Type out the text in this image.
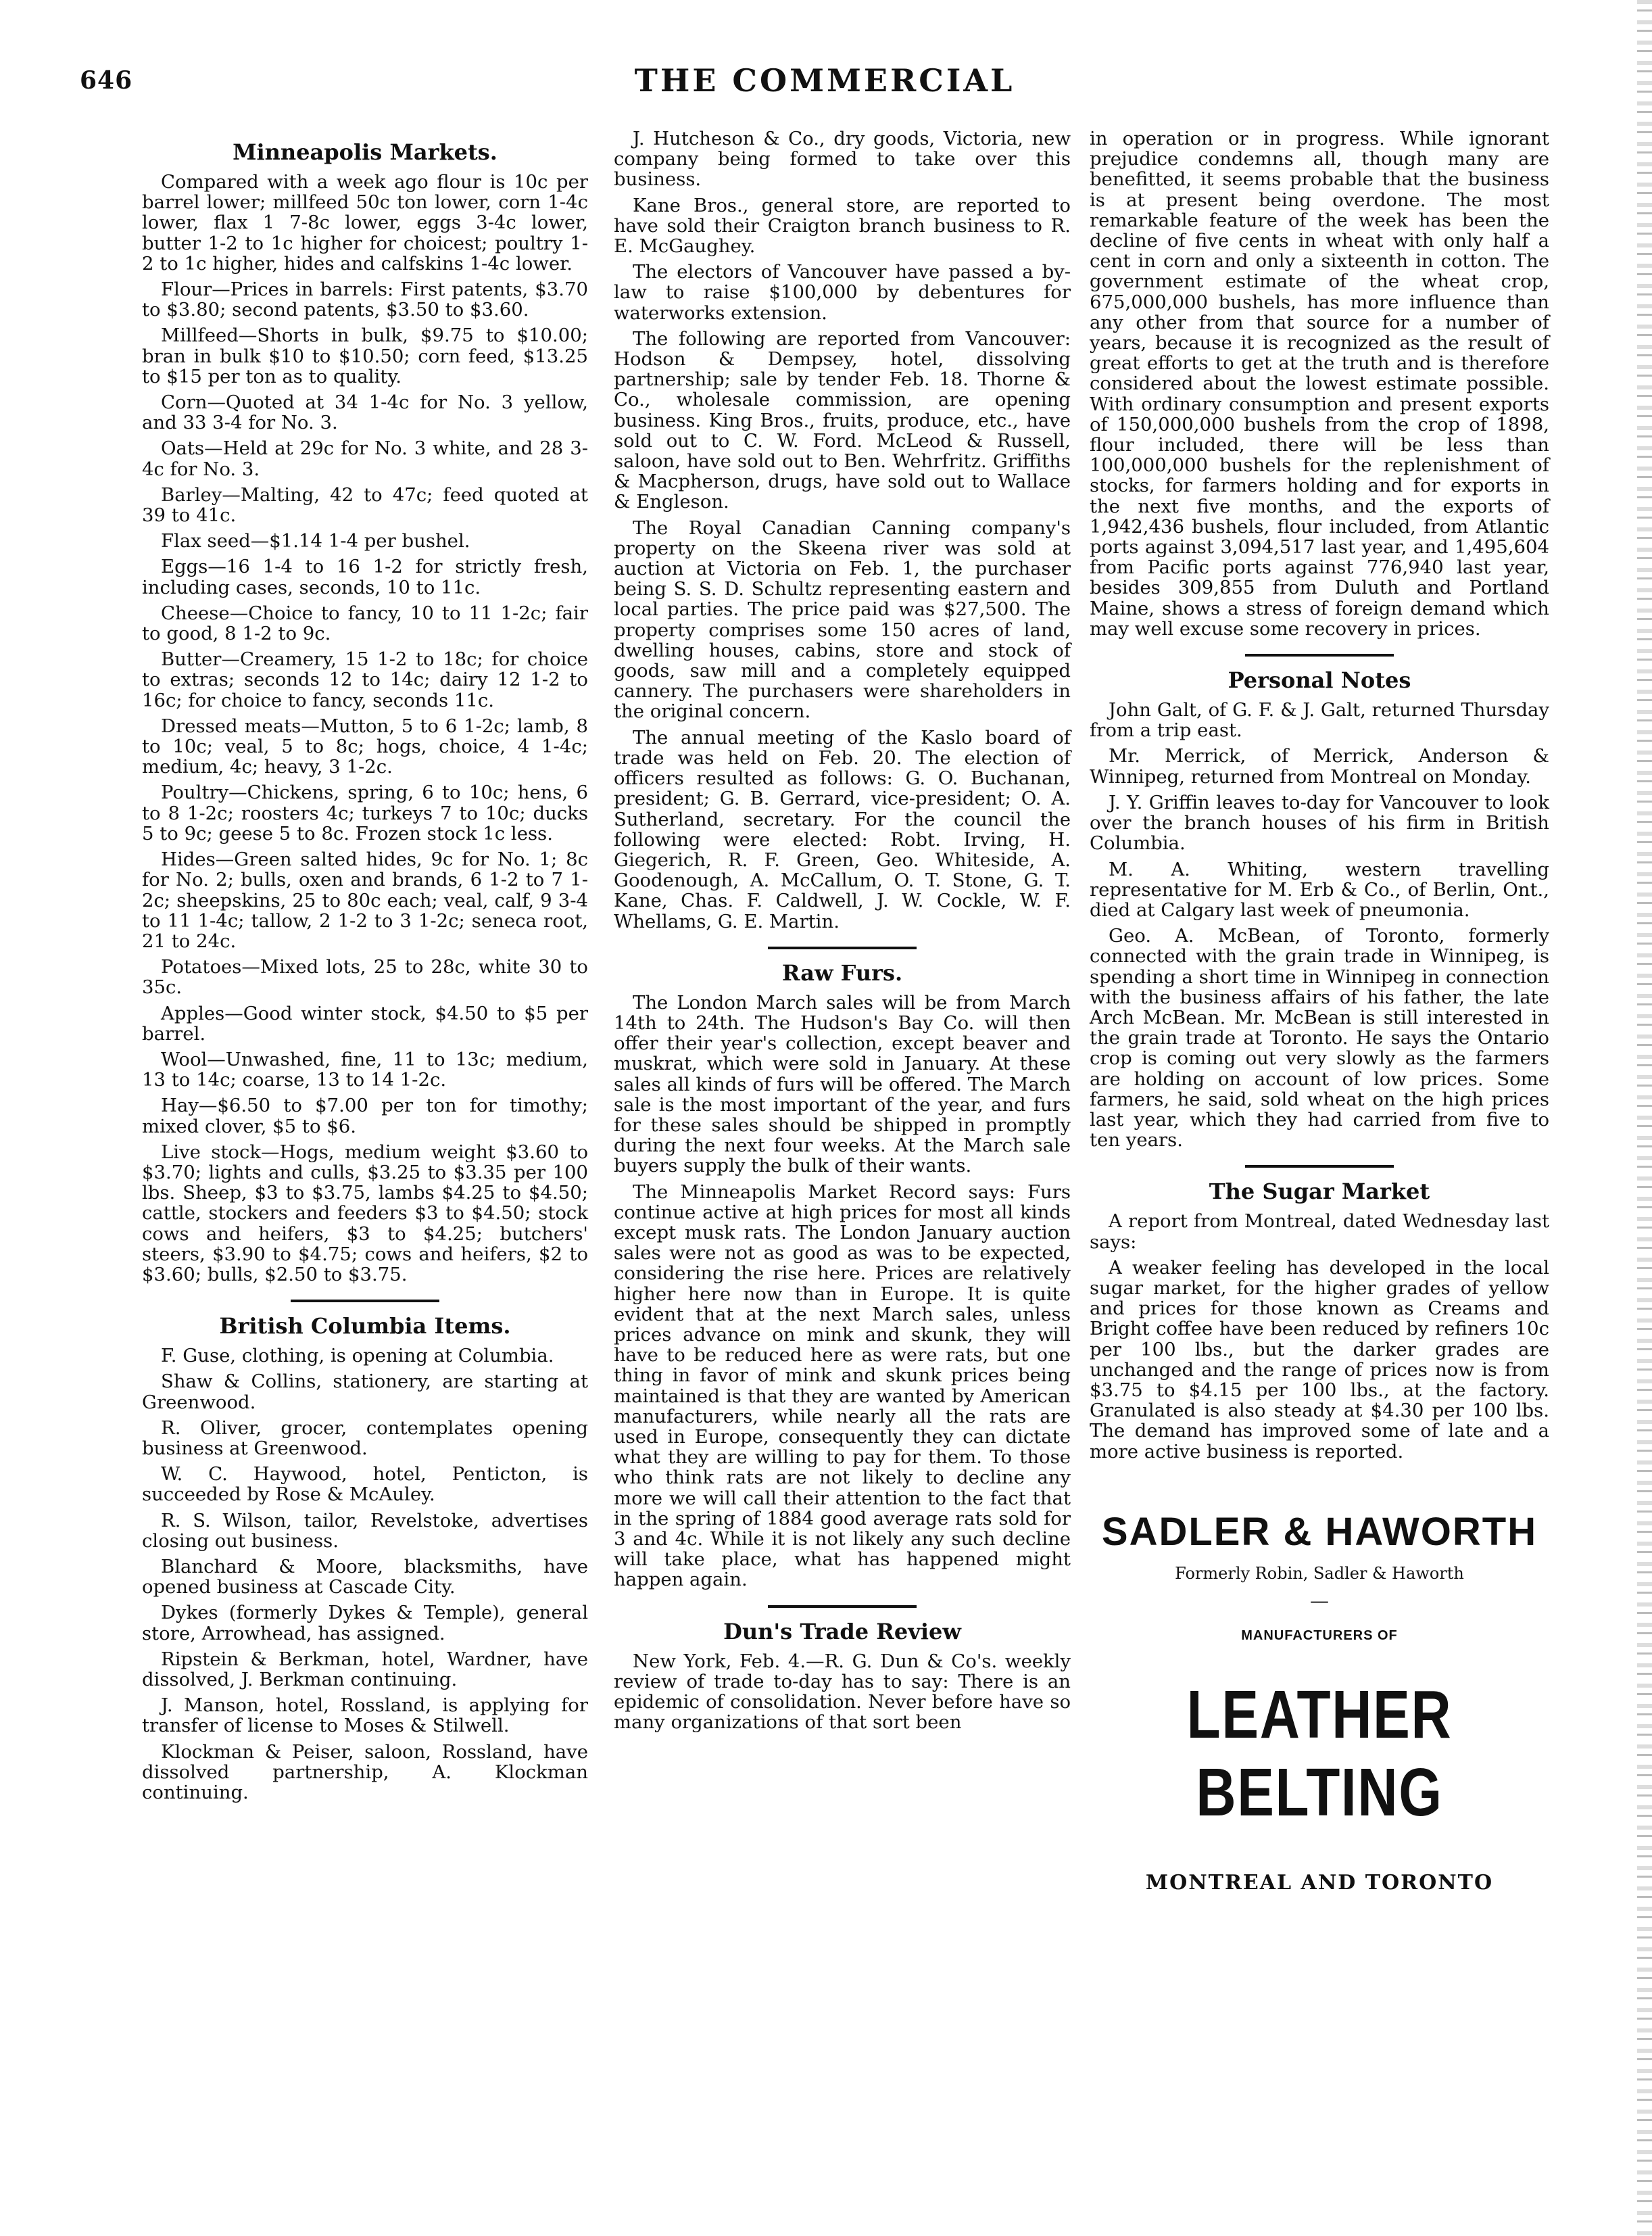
646	THE COMMERCIAL
Minneapolis Markets.

Compared with a week ago flour is 10c per barrel lower; millfeed 50c ton lower, corn 1-4c lower, flax 1 7-8c lower, eggs 3-4c lower, butter 1-2 to 1c higher for choicest; poultry 1-2 to 1c higher, hides and calfskins 1-4c lower.

Flour—Prices in barrels: First patents, $3.70 to $3.80; second patents, $3.50 to $3.60.

Millfeed—Shorts in bulk, $9.75 to $10.00; bran in bulk $10 to $10.50; corn feed, $13.25 to $15 per ton as to quality.

Corn—Quoted at 34 1-4c for No. 3 yellow, and 33 3-4 for No. 3.

Oats—Held at 29c for No. 3 white, and 28 3-4c for No. 3.

Barley—Malting, 42 to 47c; feed quoted at 39 to 41c.

Flax seed—$1.14 1-4 per bushel.

Eggs—16 1-4 to 16 1-2 for strictly fresh, including cases, seconds, 10 to 11c.

Cheese—Choice to fancy, 10 to 11 1-2c; fair to good, 8 1-2 to 9c.

Butter—Creamery, 15 1-2 to 18c; for choice to extras; seconds 12 to 14c; dairy 12 1-2 to 16c; for choice to fancy, seconds 11c.

Dressed meats—Mutton, 5 to 6 1-2c; lamb, 8 to 10c; veal, 5 to 8c; hogs, choice, 4 1-4c; medium, 4c; heavy, 3 1-2c.

Poultry—Chickens, spring, 6 to 10c; hens, 6 to 8 1-2c; roosters 4c; turkeys 7 to 10c; ducks 5 to 9c; geese 5 to 8c. Frozen stock 1c less.

Hides—Green salted hides, 9c for No. 1; 8c for No. 2; bulls, oxen and brands, 6 1-2 to 7 1-2c; sheepskins, 25 to 80c each; veal, calf, 9 3-4 to 11 1-4c; tallow, 2 1-2 to 3 1-2c; seneca root, 21 to 24c.

Potatoes—Mixed lots, 25 to 28c, white 30 to 35c.

Apples—Good winter stock, $4.50 to $5 per barrel.

Wool—Unwashed, fine, 11 to 13c; medium, 13 to 14c; coarse, 13 to 14 1-2c.

Hay—$6.50 to $7.00 per ton for timothy; mixed clover, $5 to $6.

Live stock—Hogs, medium weight $3.60 to $3.70; lights and culls, $3.25 to $3.35 per 100 lbs. Sheep, $3 to $3.75, lambs $4.25 to $4.50; cattle, stockers and feeders $3 to $4.50; stock cows and heifers, $3 to $4.25; butchers' steers, $3.90 to $4.75; cows and heifers, $2 to $3.60; bulls, $2.50 to $3.75.

British Columbia Items.

F. Guse, clothing, is opening at Columbia.

Shaw & Collins, stationery, are starting at Greenwood.

R. Oliver, grocer, contemplates opening business at Greenwood.

W. C. Haywood, hotel, Penticton, is succeeded by Rose & McAuley.

R. S. Wilson, tailor, Revelstoke, advertises closing out business.

Blanchard & Moore, blacksmiths, have opened business at Cascade City.

Dykes (formerly Dykes & Temple), general store, Arrowhead, has assigned.

Ripstein & Berkman, hotel, Wardner, have dissolved, J. Berkman continuing.

J. Manson, hotel, Rossland, is applying for transfer of license to Moses & Stilwell.

Klockman & Peiser, saloon, Rossland, have dissolved partnership, A. Klockman continuing.

J. Hutcheson & Co., dry goods, Victoria, new company being formed to take over this business.

Kane Bros., general store, are reported to have sold their Craigton branch business to R. E. McGaughey.

The electors of Vancouver have passed a by-law to raise $100,000 by debentures for waterworks extension.

The following are reported from Vancouver: Hodson & Dempsey, hotel, dissolving partnership; sale by tender Feb. 18. Thorne & Co., wholesale commission, are opening business. King Bros., fruits, produce, etc., have sold out to C. W. Ford. McLeod & Russell, saloon, have sold out to Ben. Wehrfritz. Griffiths & Macpherson, drugs, have sold out to Wallace & Engleson.

The Royal Canadian Canning company's property on the Skeena river was sold at auction at Victoria on Feb. 1, the purchaser being S. S. D. Schultz representing eastern and local parties. The price paid was $27,500. The property comprises some 150 acres of land, dwelling houses, cabins, store and stock of goods, saw mill and a completely equipped cannery. The purchasers were shareholders in the original concern.

The annual meeting of the Kaslo board of trade was held on Feb. 20. The election of officers resulted as follows: G. O. Buchanan, president; G. B. Gerrard, vice-president; O. A. Sutherland, secretary. For the council the following were elected: Robt. Irving, H. Giegerich, R. F. Green, Geo. Whiteside, A. Goodenough, A. McCallum, O. T. Stone, G. T. Kane, Chas. F. Caldwell, J. W. Cockle, W. F. Whellams, G. E. Martin.

Raw Furs.

The London March sales will be from March 14th to 24th. The Hudson's Bay Co. will then offer their year's collection, except beaver and muskrat, which were sold in January. At these sales all kinds of furs will be offered. The March sale is the most important of the year, and furs for these sales should be shipped in promptly during the next four weeks. At the March sale buyers supply the bulk of their wants.

The Minneapolis Market Record says: Furs continue active at high prices for most all kinds except musk rats. The London January auction sales were not as good as was to be expected, considering the rise here. Prices are relatively higher here now than in Europe. It is quite evident that at the next March sales, unless prices advance on mink and skunk, they will have to be reduced here as were rats, but one thing in favor of mink and skunk prices being maintained is that they are wanted by American manufacturers, while nearly all the rats are used in Europe, consequently they can dictate what they are willing to pay for them. To those who think rats are not likely to decline any more we will call their attention to the fact that in the spring of 1884 good average rats sold for 3 and 4c. While it is not likely any such decline will take place, what has happened might happen again.

Dun's Trade Review

New York, Feb. 4.—R. G. Dun & Co's. weekly review of trade to-day has to say: There is an epidemic of consolidation. Never before have so many organizations of that sort been

in operation or in progress. While ignorant prejudice condemns all, though many are benefitted, it seems probable that the business is at present being overdone. The most remarkable feature of the week has been the decline of five cents in wheat with only half a cent in corn and only a sixteenth in cotton. The government estimate of the wheat crop, 675,000,000 bushels, has more influence than any other from that source for a number of years, because it is recognized as the result of great efforts to get at the truth and is therefore considered about the lowest estimate possible. With ordinary consumption and present exports of 150,000,000 bushels from the crop of 1898, flour included, there will be less than 100,000,000 bushels for the replenishment of stocks, for farmers holding and for exports in the next five months, and the exports of 1,942,436 bushels, flour included, from Atlantic ports against 3,094,517 last year, and 1,495,604 from Pacific ports against 776,940 last year, besides 309,855 from Duluth and Portland Maine, shows a stress of foreign demand which may well excuse some recovery in prices.

Personal Notes

John Galt, of G. F. & J. Galt, returned Thursday from a trip east.

Mr. Merrick, of Merrick, Anderson & Winnipeg, returned from Montreal on Monday.

J. Y. Griffin leaves to-day for Vancouver to look over the branch houses of his firm in British Columbia.

M. A. Whiting, western travelling representative for M. Erb & Co., of Berlin, Ont., died at Calgary last week of pneumonia.

Geo. A. McBean, of Toronto, formerly connected with the grain trade in Winnipeg, is spending a short time in Winnipeg in connection with the business affairs of his father, the late Arch McBean. Mr. McBean is still interested in the grain trade at Toronto. He says the Ontario crop is coming out very slowly as the farmers are holding on account of low prices. Some farmers, he said, sold wheat on the high prices last year, which they had carried from five to ten years.

The Sugar Market

A report from Montreal, dated Wednesday last says:

A weaker feeling has developed in the local sugar market, for the higher grades of yellow and prices for those known as Creams and Bright coffee have been reduced by refiners 10c per 100 lbs., but the darker grades are unchanged and the range of prices now is from $3.75 to $4.15 per 100 lbs., at the factory. Granulated is also steady at $4.30 per 100 lbs. The demand has improved some of late and a more active business is reported.

SADLER & HAWORTH
Formerly Robin, Sadler & Haworth
—
MANUFACTURERS OF
LEATHER BELTING
MONTREAL AND TORONTO
